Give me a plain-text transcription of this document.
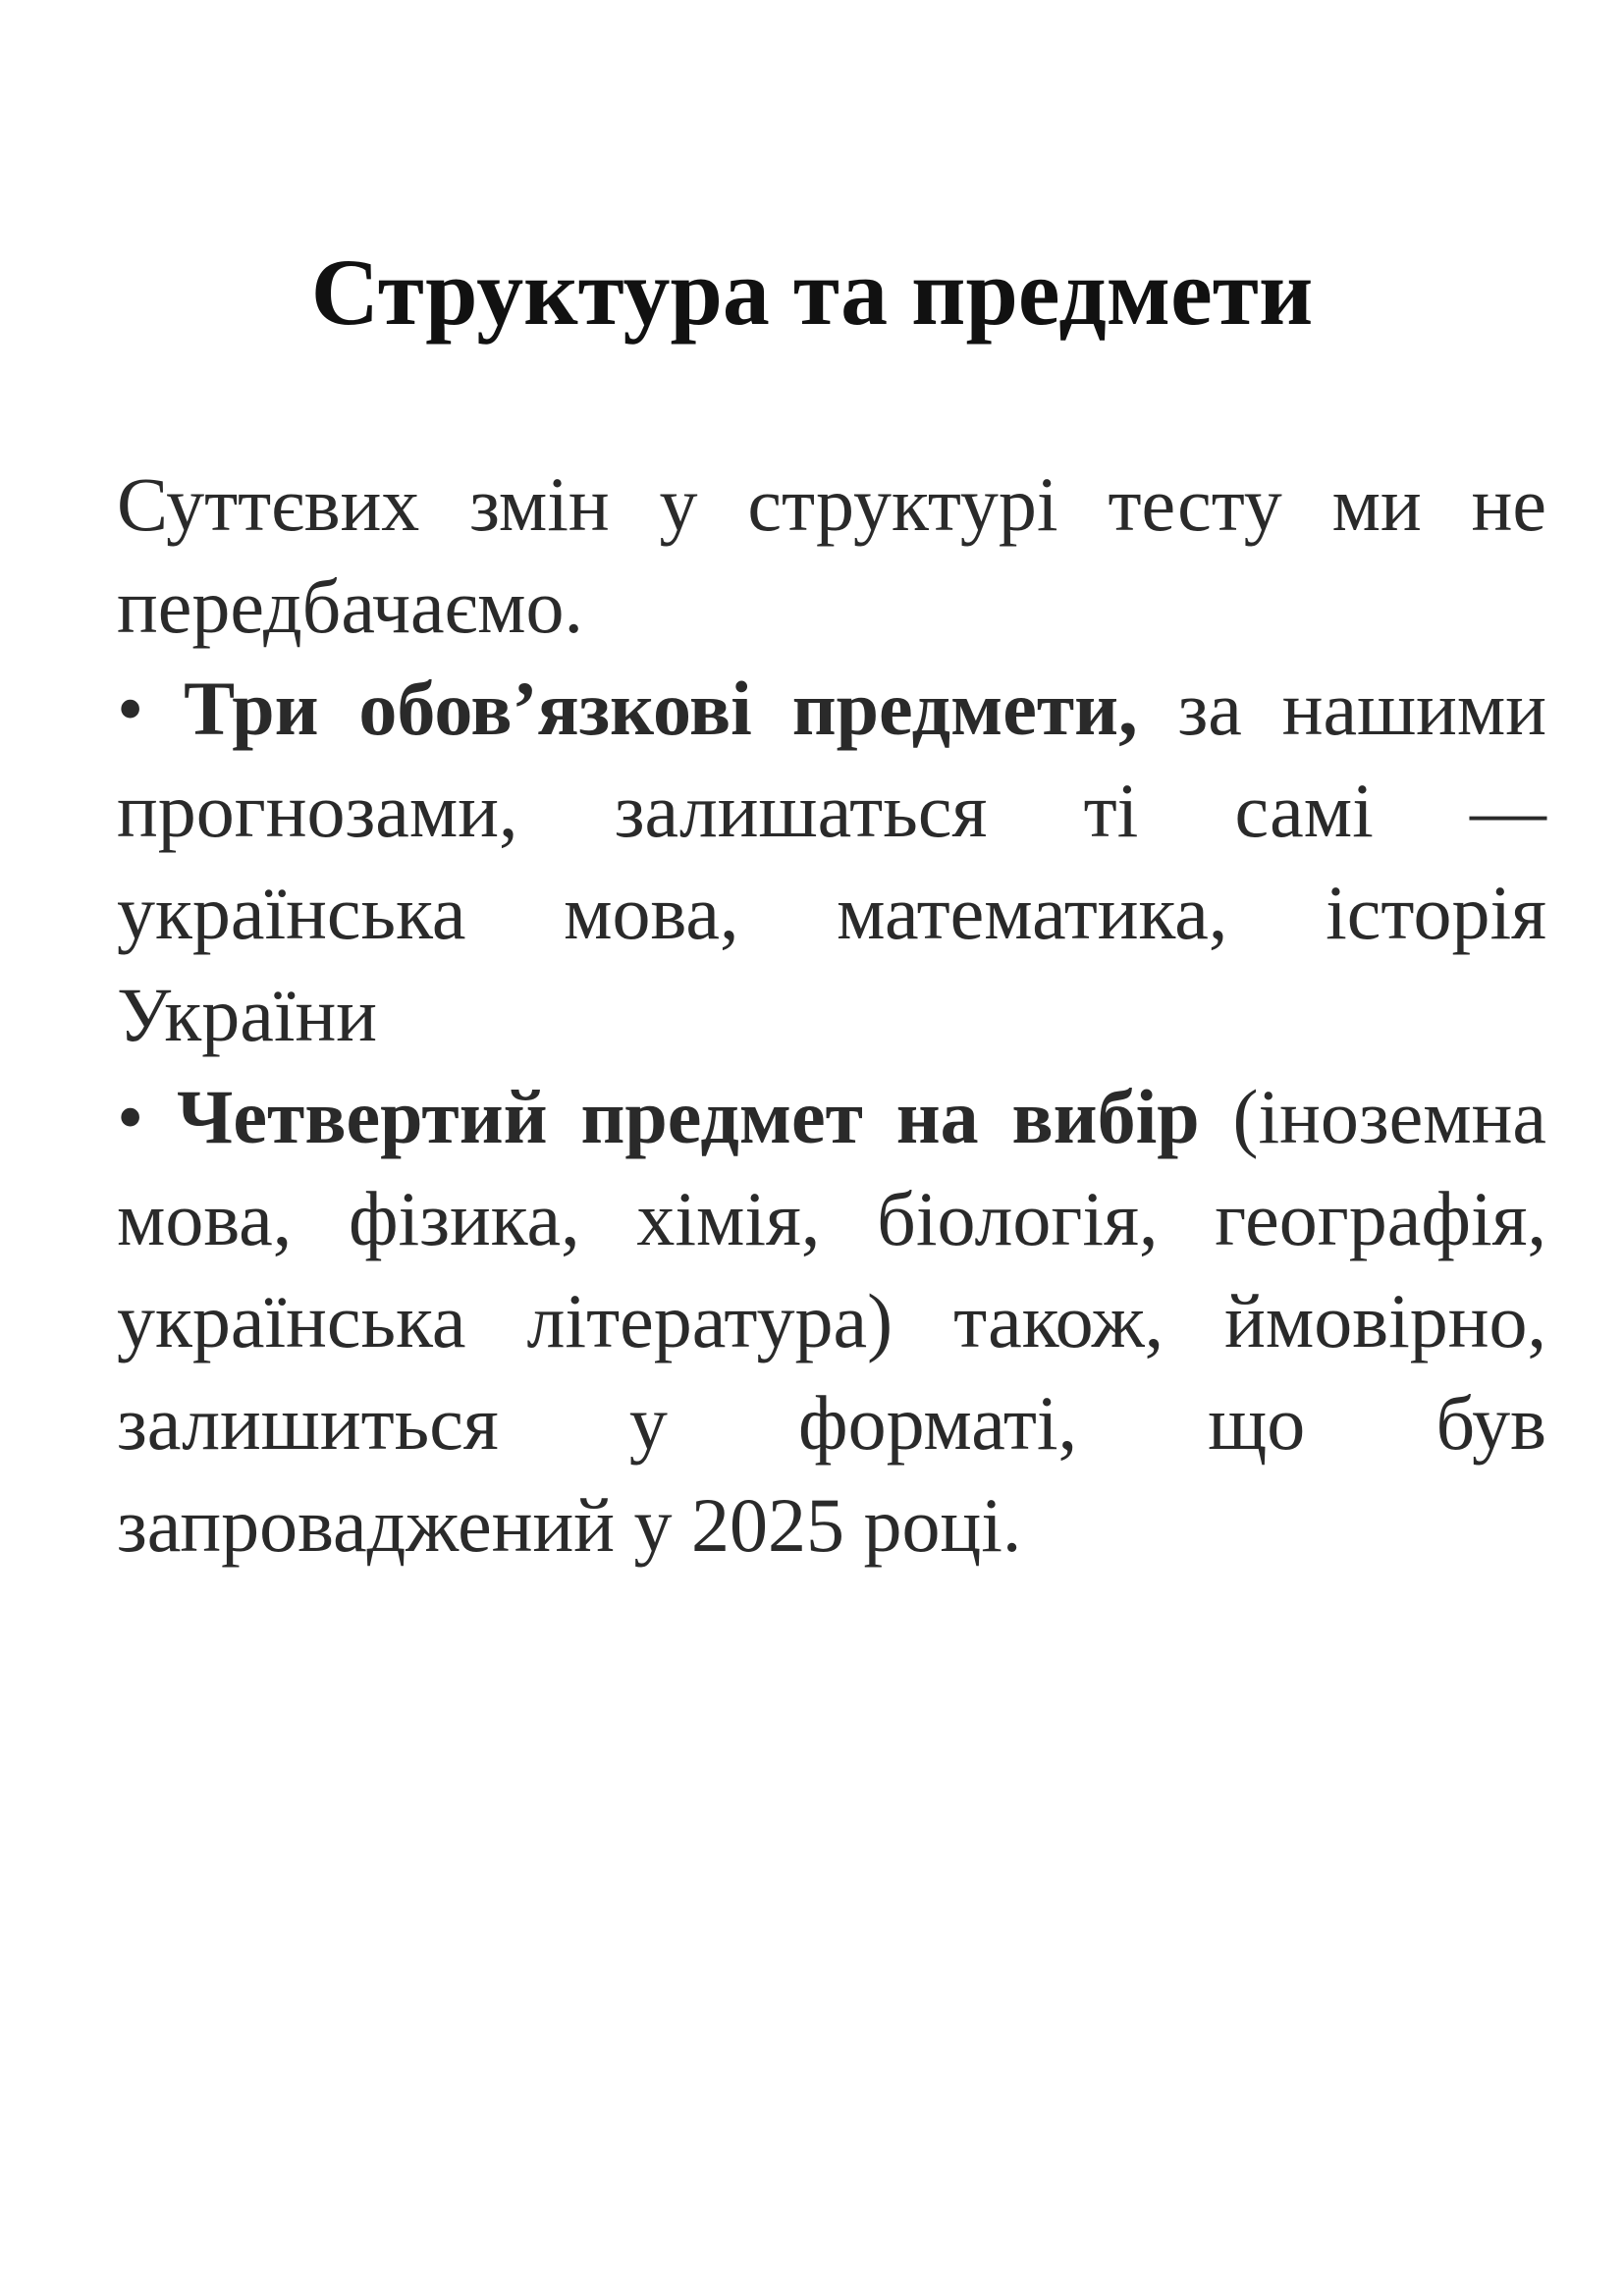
Структура та предмети

Суттєвих змін у структурі тесту ми не передбачаємо.

• Три обов’язкові предмети, за нашими прогнозами, залишаться ті самі — українська мова, математика, історія України

• Четвертий предмет на вибір (іноземна мова, фізика, хімія, біологія, географія, українська література) також, ймовірно, залишиться у форматі, що був запроваджений у 2025 році.
